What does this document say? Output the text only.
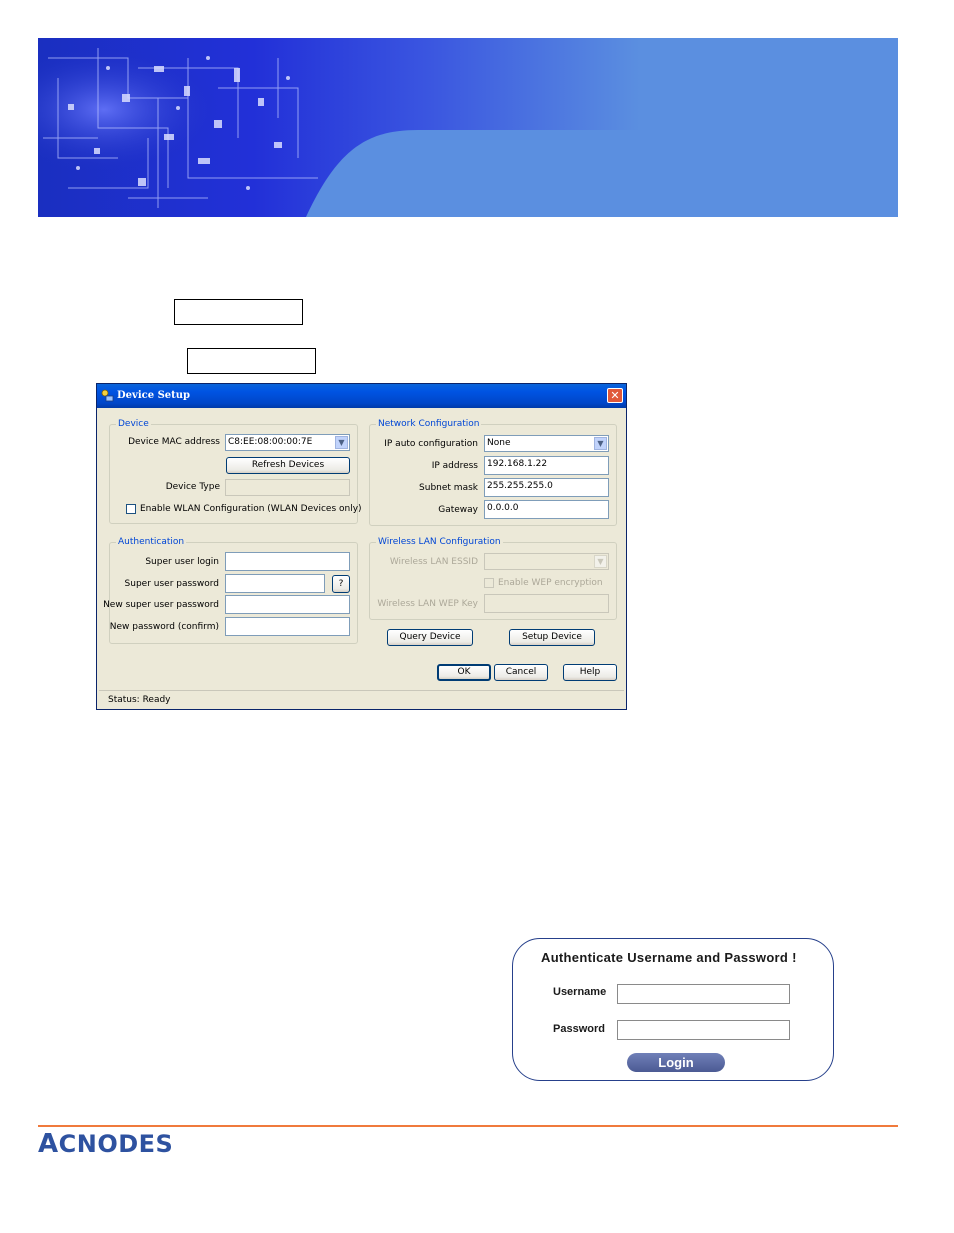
Device Setup	✕
Device
Device MAC address C8:EE:08:00:00:7E	▼
Refresh Devices
Device Type
Enable WLAN Configuration (WLAN Devices only)
Network Configuration
IP auto configuration	None	▼
IP address	192.168.1.22
Subnet mask	255.255.255.0
Gateway	0.0.0.0
Authentication
Super user login
Super user password	?
New super user password
New password (confirm)
Wireless LAN Configuration
Wireless LAN ESSID	▼
Enable WEP encryption
Wireless LAN WEP Key
Query Device	Setup Device
OK	Cancel	Help
Status: Ready
Authenticate Username and Password !
Username
Password
Login
ACNODES
